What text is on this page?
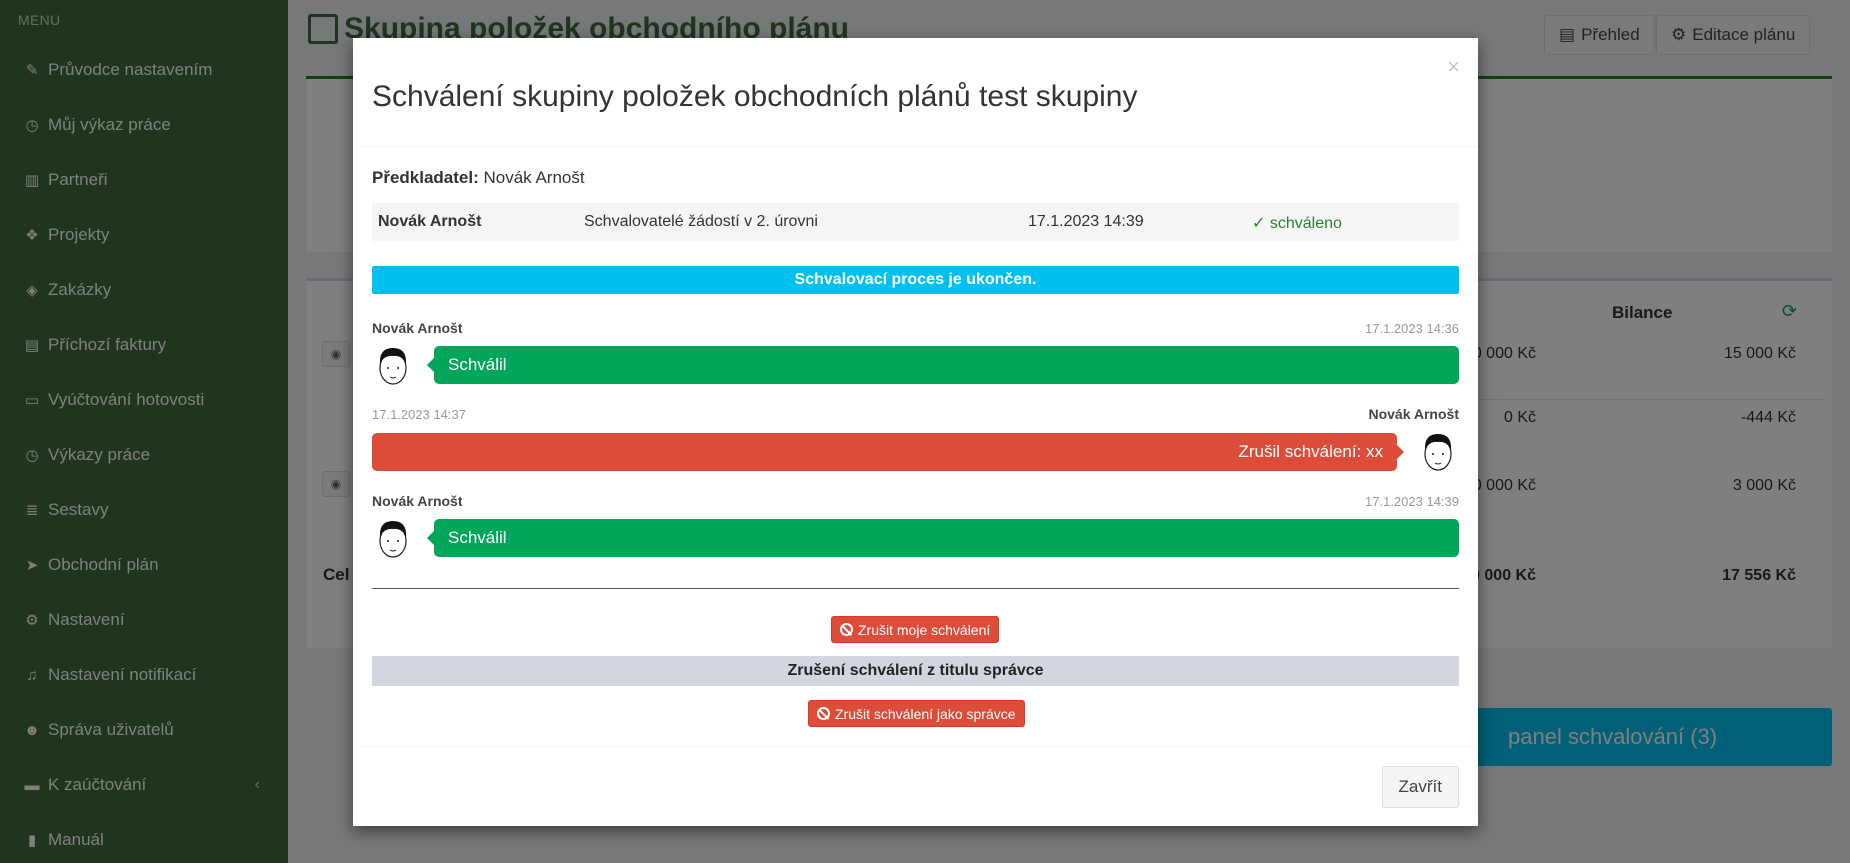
Schválení skupiny položek obchodních plánů test skupiny
×
Předkladatel: Novák Arnošt
Novák Arnošt	Schvalovatelé žádostí v 2. úrovni	17.1.2023 14:39	✓ schváleno
Schvalovací proces je ukončen.
Novák Arnošt	17.1.2023 14:36
Schválil
17.1.2023 14:37	Novák Arnošt
Zrušil schválení: xx
Novák Arnošt	17.1.2023 14:39
Schválil
Zrušit moje schválení
Zrušení schválení z titulu správce
Zrušit schválení jako správce
Zavřít
